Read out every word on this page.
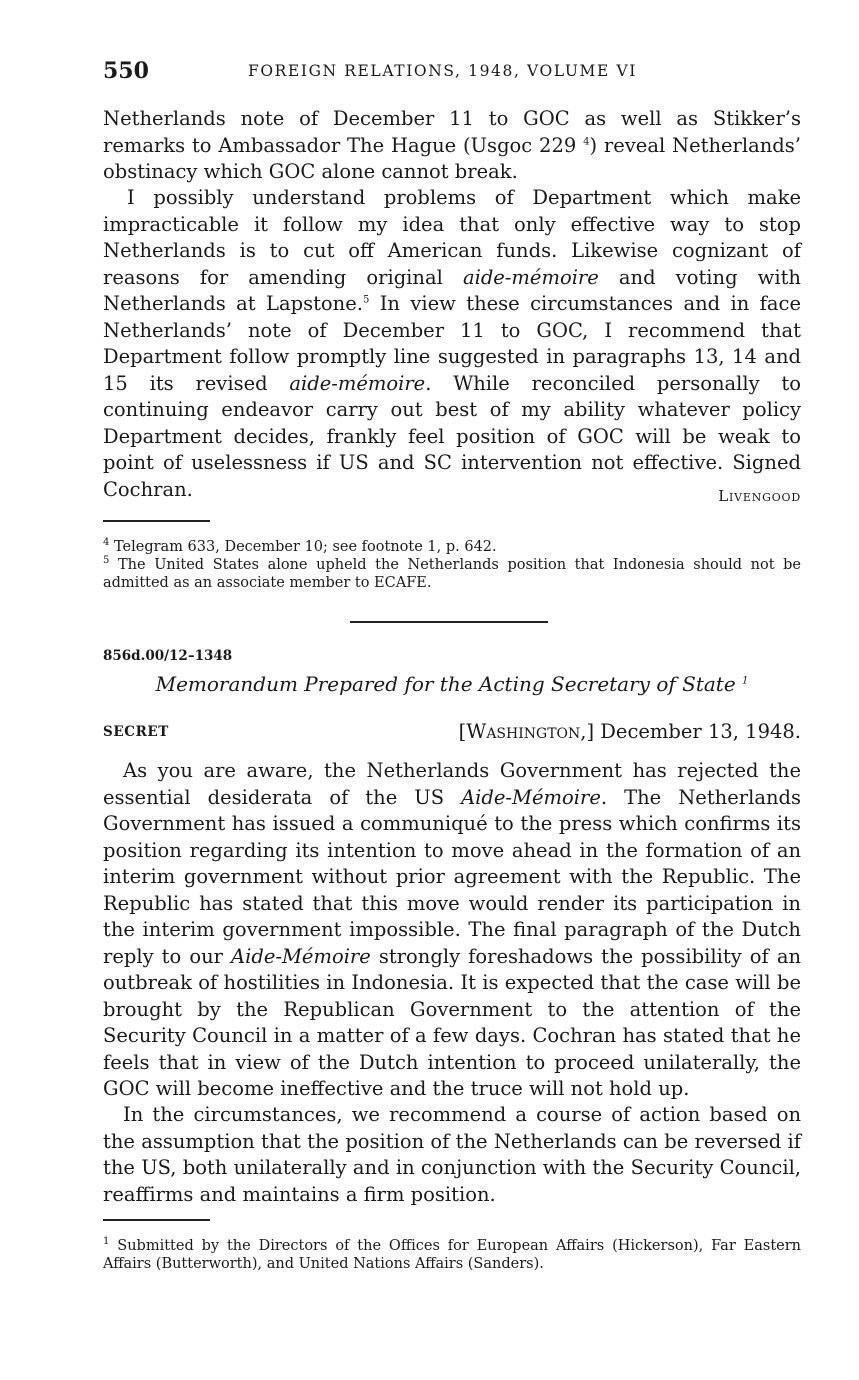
550	FOREIGN RELATIONS, 1948, VOLUME VI
Netherlands note of December 11 to GOC as well as Stikker’s remarks to Ambassador The Hague (Usgoc 229 $^4$) reveal Netherlands’ obstinacy which GOC alone cannot break.
I possibly understand problems of Department which make impracticable it follow my idea that only effective way to stop Netherlands is to cut off American funds. Likewise cognizant of reasons for amending original aide-mémoire and voting with Netherlands at Lapstone.$^5$ In view these circumstances and in face Netherlands’ note of December 11 to GOC, I recommend that Department follow promptly line suggested in paragraphs 13, 14 and 15 its revised aide-mémoire. While reconciled personally to continuing endeavor carry out best of my ability whatever policy Department decides, frankly feel position of GOC will be weak to point of uselessness if US and SC intervention not effective. Signed Cochran.	Livengood
$^4$ Telegram 633, December 10; see footnote 1, p. 642.
$^5$ The United States alone upheld the Netherlands position that Indonesia should not be admitted as an associate member to ECAFE.
856d.00/12–1348
Memorandum Prepared for the Acting Secretary of State $^1$
SECRET	[Washington,] December 13, 1948.
As you are aware, the Netherlands Government has rejected the essential desiderata of the US Aide-Mémoire. The Netherlands Government has issued a communiqué to the press which confirms its position regarding its intention to move ahead in the formation of an interim government without prior agreement with the Republic. The Republic has stated that this move would render its participation in the interim government impossible. The final paragraph of the Dutch reply to our Aide-Mémoire strongly foreshadows the possibility of an outbreak of hostilities in Indonesia. It is expected that the case will be brought by the Republican Government to the attention of the Security Council in a matter of a few days. Cochran has stated that he feels that in view of the Dutch intention to proceed unilaterally, the GOC will become ineffective and the truce will not hold up.
In the circumstances, we recommend a course of action based on the assumption that the position of the Netherlands can be reversed if the US, both unilaterally and in conjunction with the Security Council, reaffirms and maintains a firm position.
$^1$ Submitted by the Directors of the Offices for European Affairs (Hickerson), Far Eastern Affairs (Butterworth), and United Nations Affairs (Sanders).
